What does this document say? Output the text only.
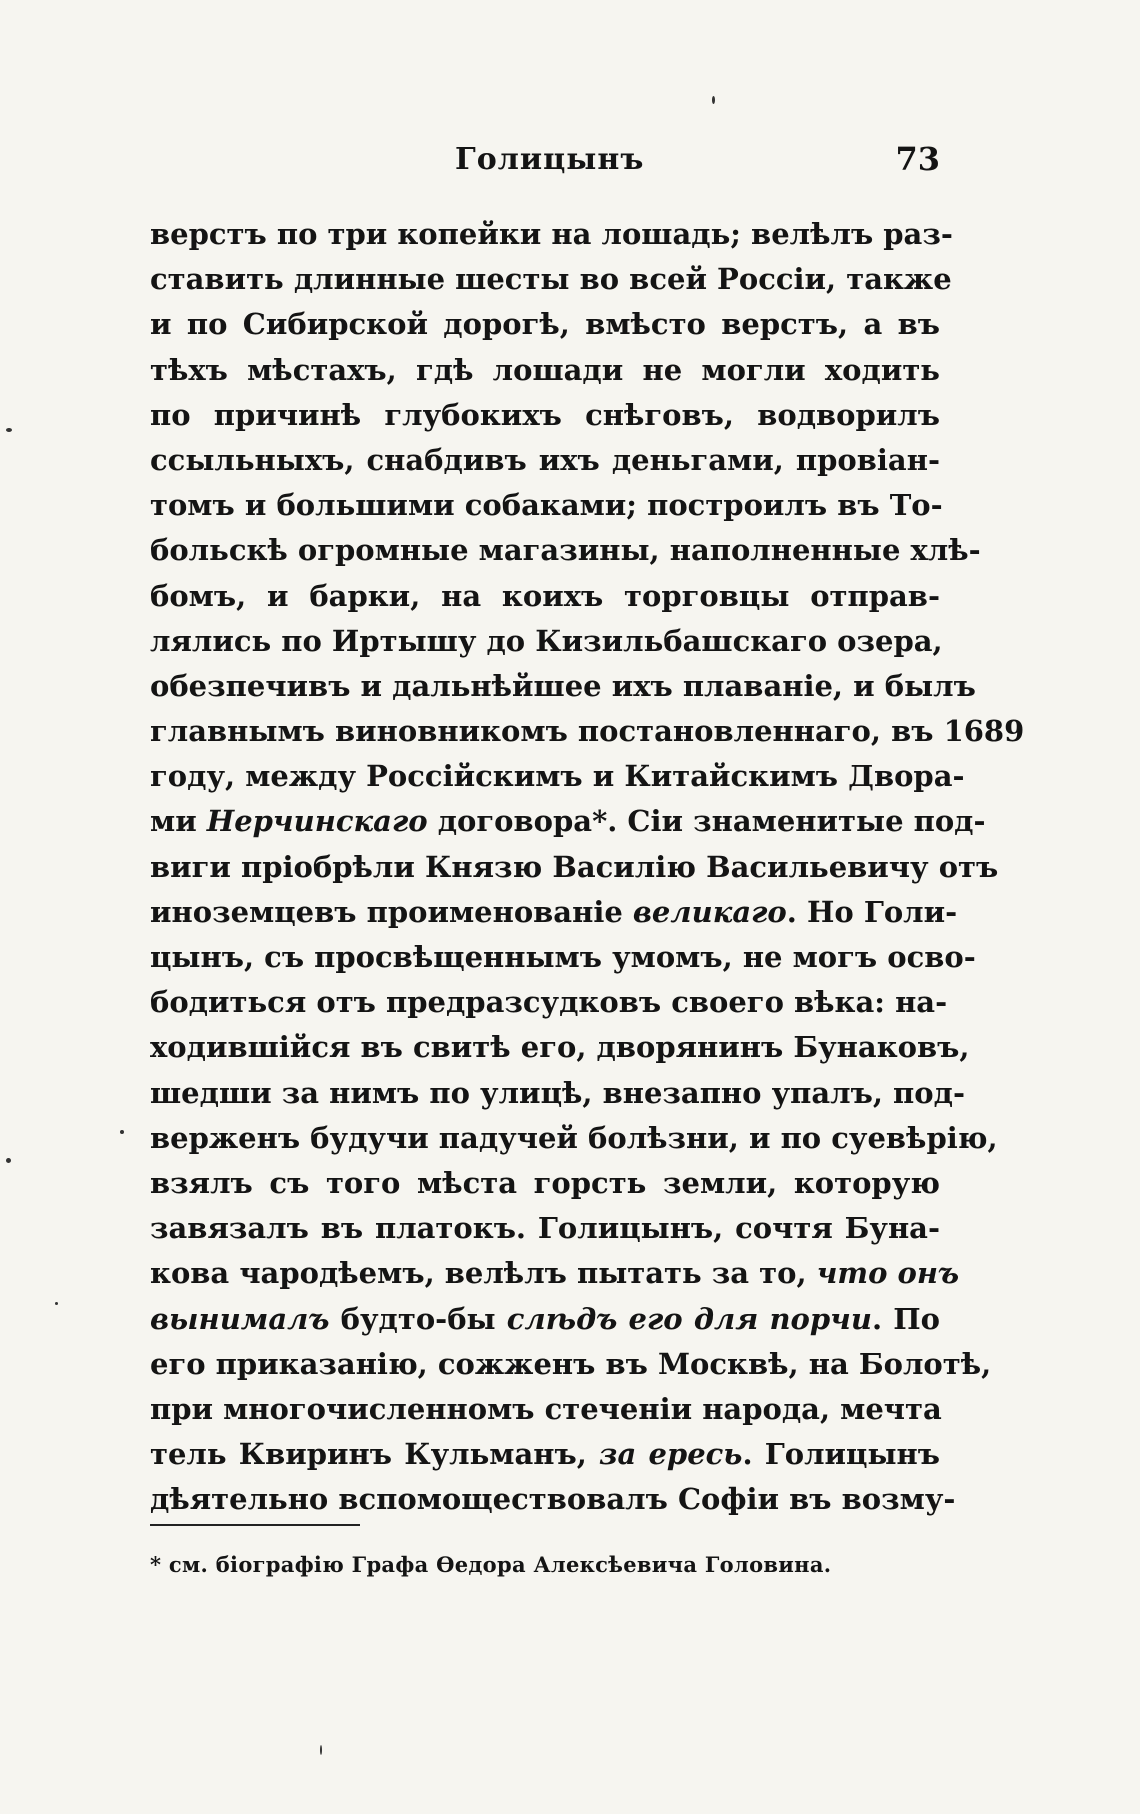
Голицынъ	73
верстъ по три копейки на лошадь; велѣлъ раз-
ставить длинные шесты во всей Россіи, также
и по Сибирской дорогѣ, вмѣсто верстъ, а въ
тѣхъ мѣстахъ, гдѣ лошади не могли ходить
по причинѣ глубокихъ снѣговъ, водворилъ
ссыльныхъ, снабдивъ ихъ деньгами, провіан-
томъ и большими собаками; построилъ въ То-
больскѣ огромные магазины, наполненные хлѣ-
бомъ, и барки, на коихъ торговцы отправ-
лялись по Иртышу до Кизильбашскаго озера,
обезпечивъ и дальнѣйшее ихъ плаваніе, и былъ
главнымъ виновникомъ постановленнаго, въ 1689
году, между Россійскимъ и Китайскимъ Двора-
ми Нерчинскаго договора*. Сіи знаменитые под-
виги пріобрѣли Князю Василію Васильевичу отъ
иноземцевъ проименованіе великаго. Но Голи-
цынъ, съ просвѣщеннымъ умомъ, не могъ осво-
бодиться отъ предразсудковъ своего вѣка: на-
ходившійся въ свитѣ его, дворянинъ Бунаковъ,
шедши за нимъ по улицѣ, внезапно упалъ, под-
верженъ будучи падучей болѣзни, и по суевѣрію,
взялъ съ того мѣста горсть земли, которую
завязалъ въ платокъ. Голицынъ, сочтя Буна-
кова чародѣемъ, велѣлъ пытать за то, что онъ
вынималъ будто-бы слѣдъ его для порчи. По
его приказанію, сожженъ въ Москвѣ, на Болотѣ,
при многочисленномъ стеченіи народа, мечта
тель Квиринъ Кульманъ, за ересь. Голицынъ
дѣятельно вспомоществовалъ Софіи въ возму-
* см. біографію Графа Ѳедора Алексѣевича Головина.
